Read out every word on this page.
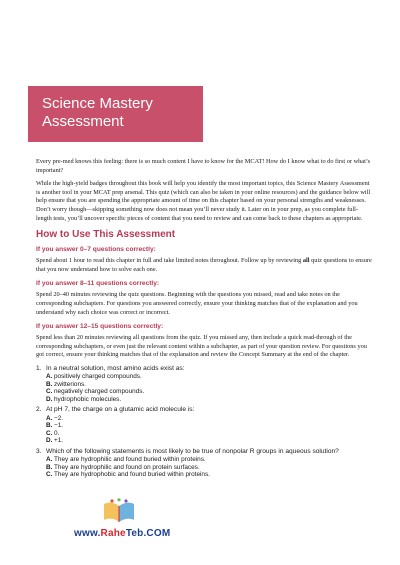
Science Mastery Assessment

Every pre-med knows this feeling: there is so much content I have to know for the MCAT! How do I know what to do first or what’s important?

While the high-yield badges throughout this book will help you identify the most important topics, this Science Mastery Assessment is another tool in your MCAT prep arsenal. This quiz (which can also be taken in your online resources) and the guidance below will help ensure that you are spending the appropriate amount of time on this chapter based on your personal strengths and weaknesses. Don’t worry though—skipping something now does not mean you’ll never study it. Later on in your prep, as you complete full-length tests, you’ll uncover specific pieces of content that you need to review and can come back to these chapters as appropriate.

How to Use This Assessment
If you answer 0–7 questions correctly:

Spend about 1 hour to read this chapter in full and take limited notes throughout. Follow up by reviewing all quiz questions to ensure that you now understand how to solve each one.

If you answer 8–11 questions correctly:

Spend 20–40 minutes reviewing the quiz questions. Beginning with the questions you missed, read and take notes on the corresponding subchapters. For questions you answered correctly, ensure your thinking matches that of the explanation and you understand why each choice was correct or incorrect.

If you answer 12–15 questions correctly:

Spend less than 20 minutes reviewing all questions from the quiz. If you missed any, then include a quick read-through of the corresponding subchapters, or even just the relevant content within a subchapter, as part of your question review. For questions you got correct, ensure your thinking matches that of the explanation and review the Concept Summary at the end of the chapter.

1. In a neutral solution, most amino acids exist as:
A. positively charged compounds.
B. zwitterions.
C. negatively charged compounds.
D. hydrophobic molecules.
2. At pH 7, the charge on a glutamic acid molecule is:
A. −2.
B. −1.
C. 0.
D. +1.
3. Which of the following statements is most likely to be true of nonpolar R groups in aqueous solution?
A. They are hydrophilic and found buried within proteins.
B. They are hydrophilic and found on protein surfaces.
C. They are hydrophobic and found buried within proteins.
www.RaheTeb.COM
